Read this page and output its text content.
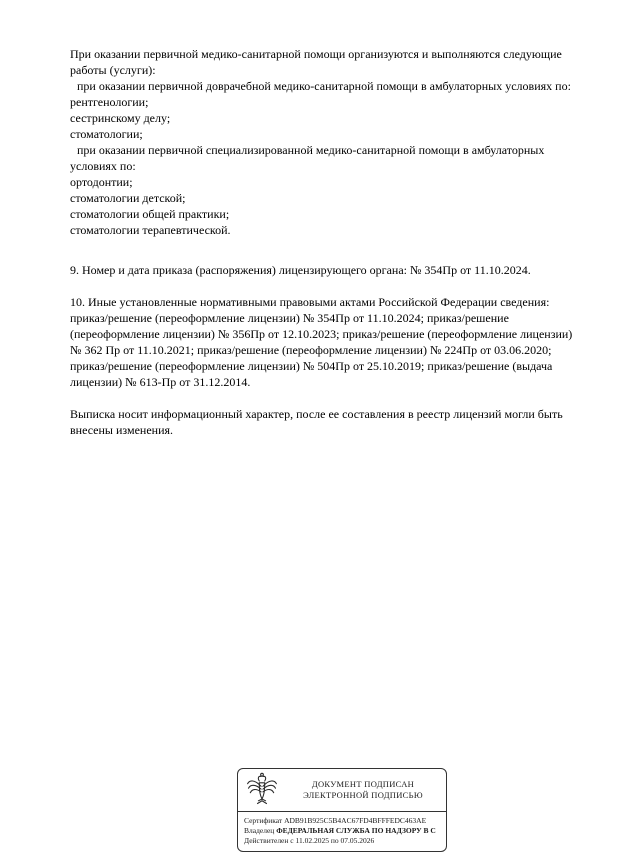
При оказании первичной медико-санитарной помощи организуются и выполняются следующие работы (услуги):

при оказании первичной доврачебной медико-санитарной помощи в амбулаторных условиях по:

рентгенологии;

сестринскому делу;

стоматологии;

при оказании первичной специализированной медико-санитарной помощи в амбулаторных условиях по:

ортодонтии;

стоматологии детской;

стоматологии общей практики;

стоматологии терапевтической.

9. Номер и дата приказа (распоряжения) лицензирующего органа: № 354Пр от 11.10.2024.

10. Иные установленные нормативными правовыми актами Российской Федерации сведения: приказ/решение (переоформление лицензии) № 354Пр от 11.10.2024; приказ/решение (переоформление лицензии) № 356Пр от 12.10.2023; приказ/решение (переоформление лицензии) № 362 Пр от 11.10.2021; приказ/решение (переоформление лицензии) № 224Пр от 03.06.2020; приказ/решение (переоформление лицензии) № 504Пр от 25.10.2019; приказ/решение (выдача лицензии) № 613-Пр от 31.12.2014.

Выписка носит информационный характер, после ее составления в реестр лицензий могли быть внесены изменения.

ДОКУМЕНТ ПОДПИСАН
ЭЛЕКТРОННОЙ ПОДПИСЬЮ
Сертификат ADB91B925C5B4AC67FD4BFFFEDC463AE
Владелец ФЕДЕРАЛЬНАЯ СЛУЖБА ПО НАДЗОРУ В С
Действителен с 11.02.2025 по 07.05.2026
